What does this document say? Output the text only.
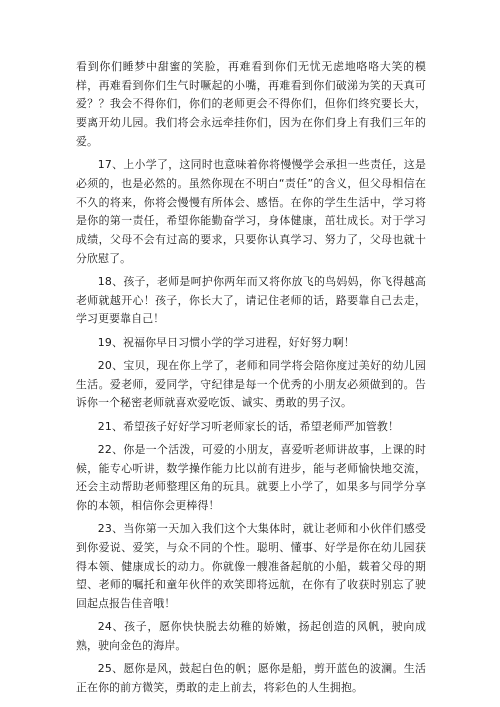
看到你们睡梦中甜蜜的笑脸，再难看到你们无忧无虑地咯咯大笑的模样，再难看到你们生气时噘起的小嘴，再难看到你们破涕为笑的天真可爱？？我会不得你们，你们的老师更会不得你们，但你们终究要长大，要离开幼儿园。我们将会永远牵挂你们，因为在你们身上有我们三年的爱。

17、上小学了，这同时也意味着你将慢慢学会承担一些责任，这是必须的，也是必然的。虽然你现在不明白“责任”的含义，但父母相信在不久的将来，你将会慢慢有所体会、感悟。在你的学生生活中，学习将是你的第一责任，希望你能勤奋学习，身体健康，茁壮成长。对于学习成绩，父母不会有过高的要求，只要你认真学习、努力了，父母也就十分欣慰了。

18、孩子，老师是呵护你两年而又将你放飞的鸟妈妈，你飞得越高老师就越开心！孩子，你长大了，请记住老师的话，路要靠自己去走，学习更要靠自己！

19、祝福你早日习惯小学的学习进程，好好努力啊！

20、宝贝，现在你上学了，老师和同学将会陪你度过美好的幼儿园生活。爱老师，爱同学，守纪律是每一个优秀的小朋友必须做到的。告诉你一个秘密老师就喜欢爱吃饭、诚实、勇敢的男子汉。

21、希望孩子好好学习听老师家长的话，希望老师严加管教！

22、你是一个活泼，可爱的小朋友，喜爱听老师讲故事，上课的时候，能专心听讲，数学操作能力比以前有进步，能与老师愉快地交流，还会主动帮助老师整理区角的玩具。就要上小学了，如果多与同学分享你的本领，相信你会更棒得！

23、当你第一天加入我们这个大集体时，就让老师和小伙伴们感受到你爱说、爱笑，与众不同的个性。聪明、懂事、好学是你在幼儿园获得本领、健康成长的动力。你就像一艘准备起航的小船，载着父母的期望、老师的嘱托和童年伙伴的欢笑即将远航，在你有了收获时别忘了驶回起点报告佳音哦！

24、孩子，愿你快快脱去幼稚的娇嫩，扬起创造的风帆，驶向成熟，驶向金色的海岸。

25、愿你是风，鼓起白色的帆；愿你是船，剪开蓝色的波澜。生活正在你的前方微笑，勇敢的走上前去，将彩色的人生拥抱。
